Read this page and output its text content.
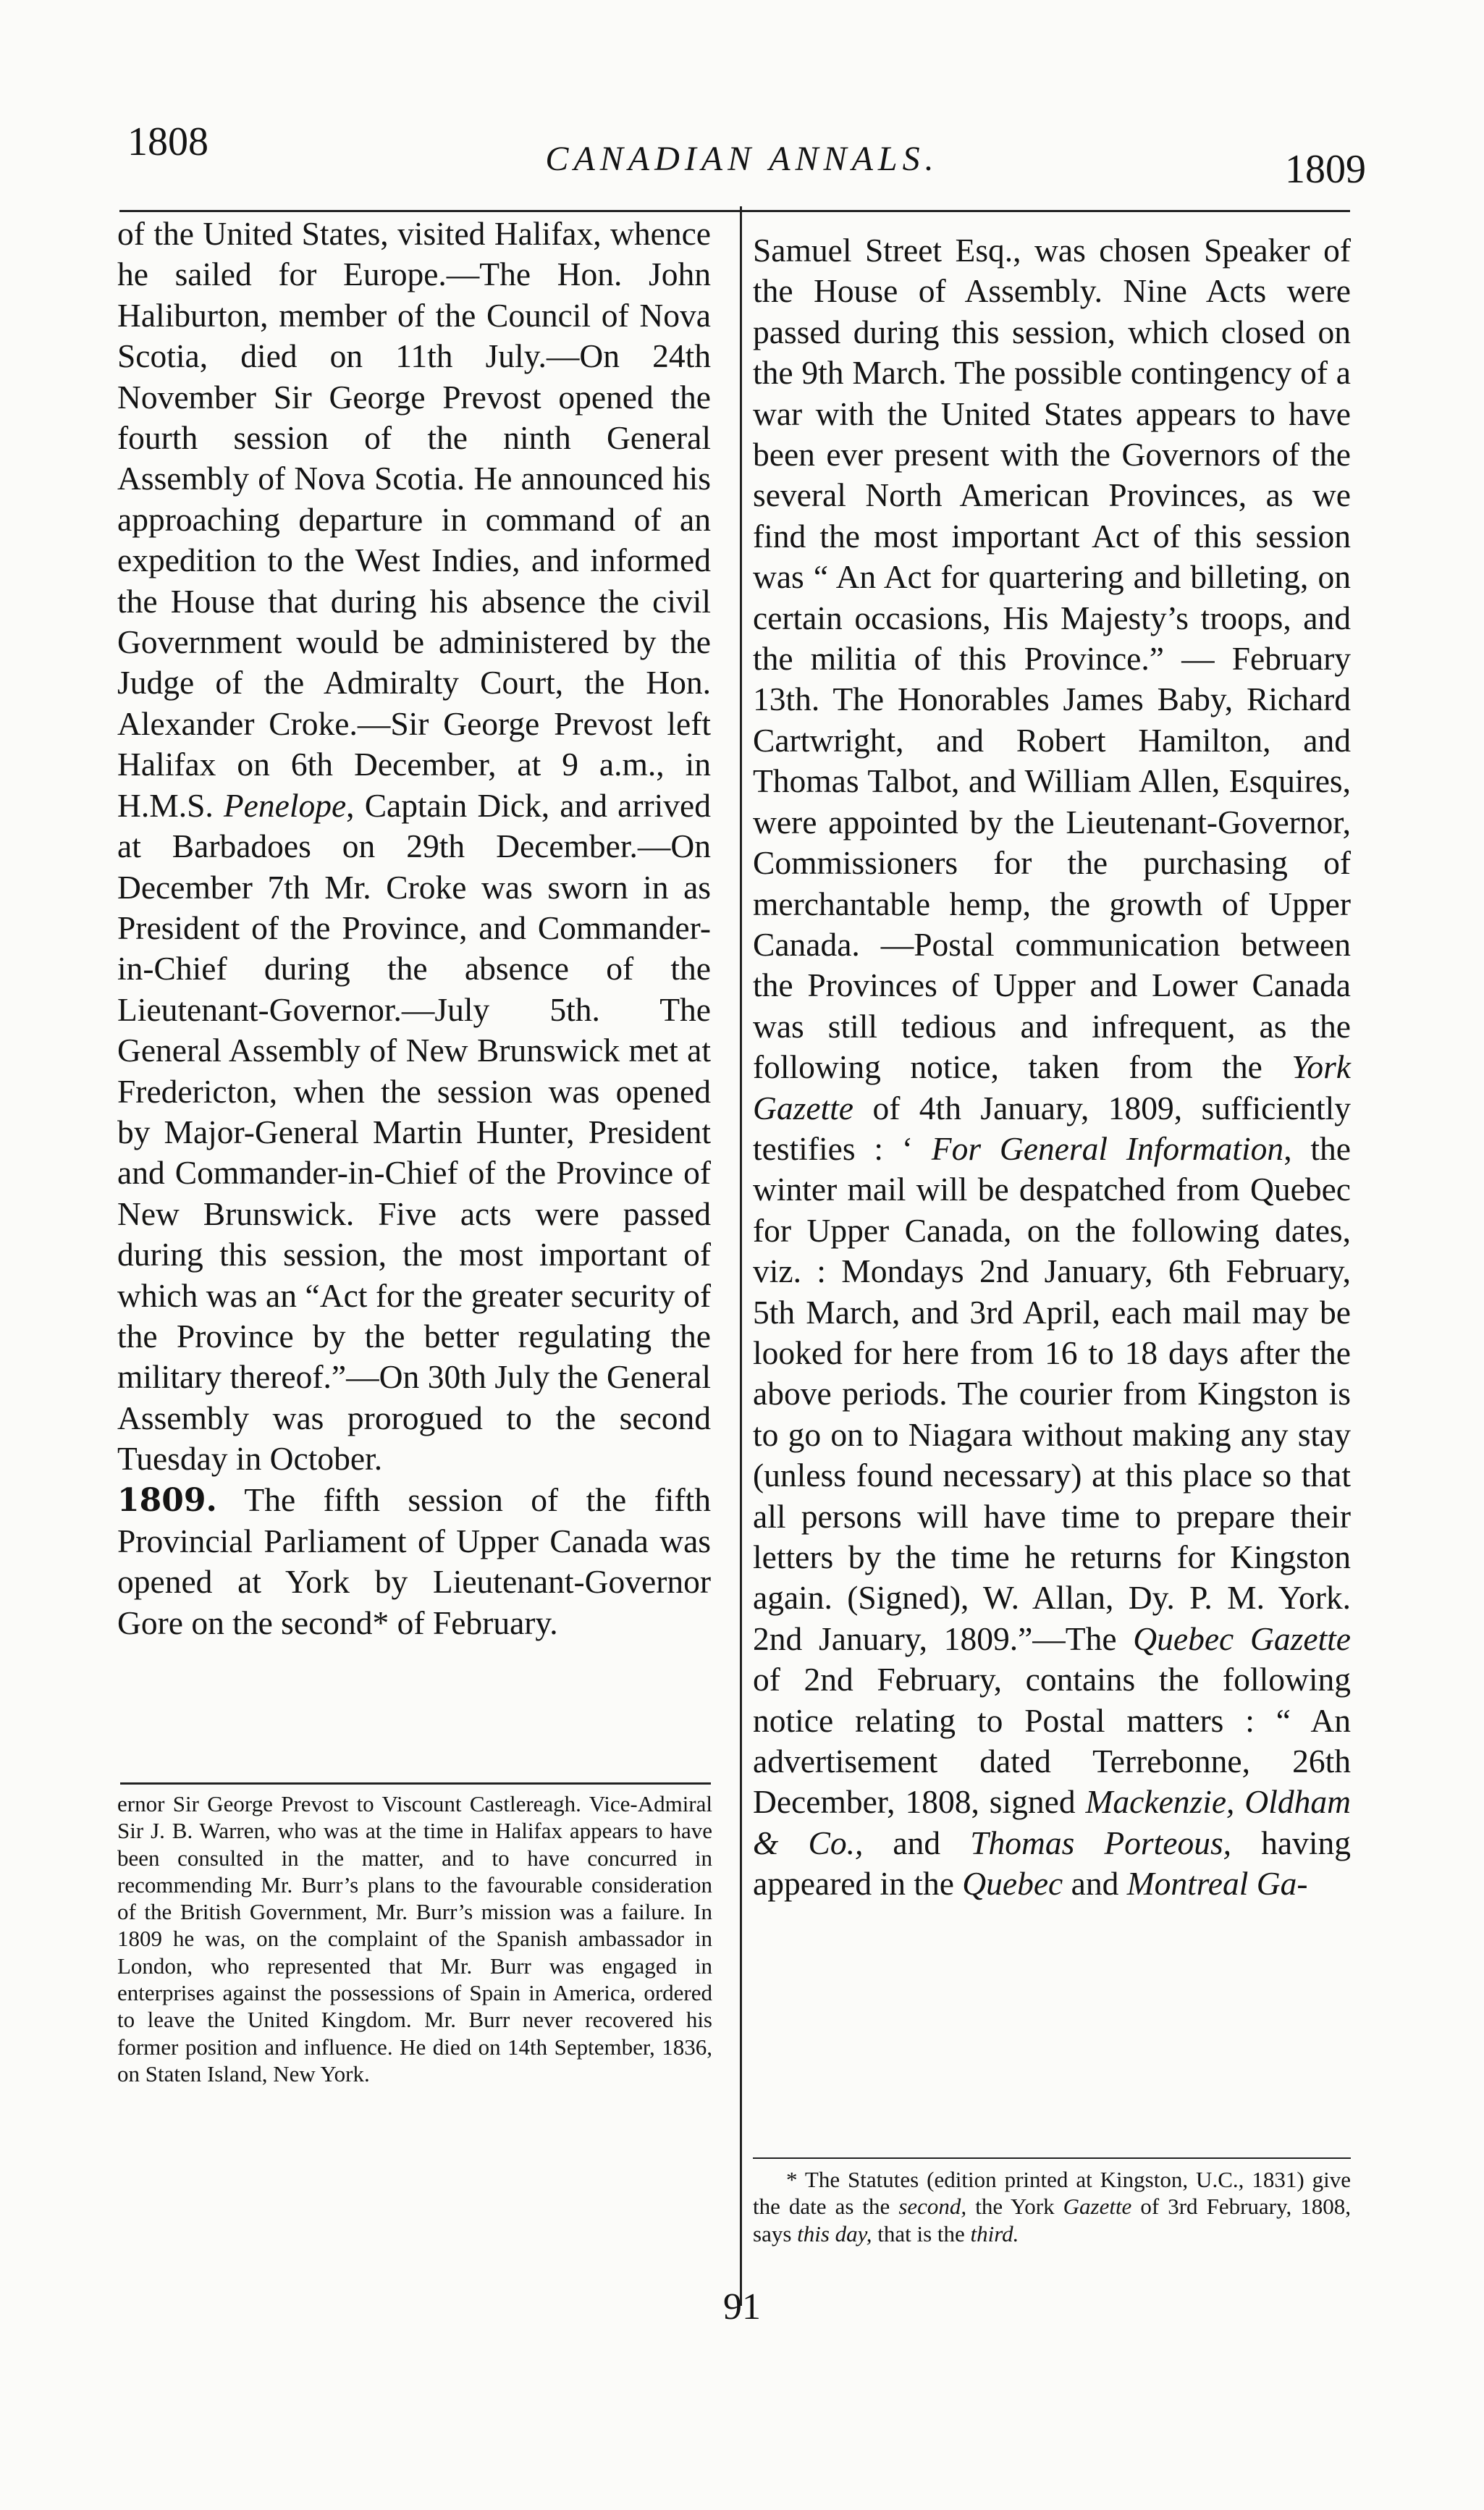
1808	CANADIAN ANNALS.	1809

of the United States, visited Halifax, whence he sailed for Europe.—The Hon. John Haliburton, member of the Council of Nova Scotia, died on 11th July.—On 24th November Sir George Prevost opened the fourth session of the ninth General Assembly of Nova Scotia. He announced his approaching departure in command of an expedition to the West Indies, and informed the House that during his absence the civil Government would be administered by the Judge of the Admiralty Court, the Hon. Alexander Croke.—Sir George Prevost left Halifax on 6th December, at 9 a.m., in H.M.S. Penelope, Captain Dick, and arrived at Barbadoes on 29th December.—On December 7th Mr. Croke was sworn in as President of the Province, and Commander-in-Chief during the absence of the Lieutenant-Governor.—July 5th. The General Assembly of New Brunswick met at Fredericton, when the session was opened by Major-General Martin Hunter, President and Commander-in-Chief of the Province of New Brunswick. Five acts were passed during this session, the most important of which was an “Act for the greater security of the Province by the better regulating the military thereof.”—On 30th July the General Assembly was prorogued to the second Tuesday in October.

1809. The fifth session of the fifth Provincial Parliament of Upper Canada was opened at York by Lieutenant-Governor Gore on the second* of February.

ernor Sir George Prevost to Viscount Castlereagh. Vice-Admiral Sir J. B. Warren, who was at the time in Halifax appears to have been consulted in the matter, and to have concurred in recommending Mr. Burr’s plans to the favourable consideration of the British Government, Mr. Burr’s mission was a failure. In 1809 he was, on the complaint of the Spanish ambassador in London, who represented that Mr. Burr was engaged in enterprises against the possessions of Spain in America, ordered to leave the United Kingdom. Mr. Burr never recovered his former position and influence. He died on 14th September, 1836, on Staten Island, New York.

Samuel Street Esq., was chosen Speaker of the House of Assembly. Nine Acts were passed during this session, which closed on the 9th March. The possible contingency of a war with the United States appears to have been ever present with the Governors of the several North American Provinces, as we find the most important Act of this session was “ An Act for quartering and billeting, on certain occasions, His Majesty’s troops, and the militia of this Province.” — February 13th. The Honorables James Baby, Richard Cartwright, and Robert Hamilton, and Thomas Talbot, and William Allen, Esquires, were appointed by the Lieutenant-Governor, Commissioners for the purchasing of merchantable hemp, the growth of Upper Canada. —Postal communication between the Provinces of Upper and Lower Canada was still tedious and infrequent, as the following notice, taken from the York Gazette of 4th January, 1809, sufficiently testifies : ‘ For General Information, the winter mail will be despatched from Quebec for Upper Canada, on the following dates, viz. : Mondays 2nd January, 6th February, 5th March, and 3rd April, each mail may be looked for here from 16 to 18 days after the above periods. The courier from Kingston is to go on to Niagara without making any stay (unless found necessary) at this place so that all persons will have time to prepare their letters by the time he returns for Kingston again. (Signed), W. Allan, Dy. P. M. York. 2nd January, 1809.”—The Quebec Gazette of 2nd February, contains the following notice relating to Postal matters : “ An advertisement dated Terrebonne, 26th December, 1808, signed Mackenzie, Oldham & Co., and Thomas Porteous, having appeared in the Quebec and Montreal Ga-

* The Statutes (edition printed at Kingston, U.C., 1831) give the date as the second, the York Gazette of 3rd February, 1808, says this day, that is the third.
91
